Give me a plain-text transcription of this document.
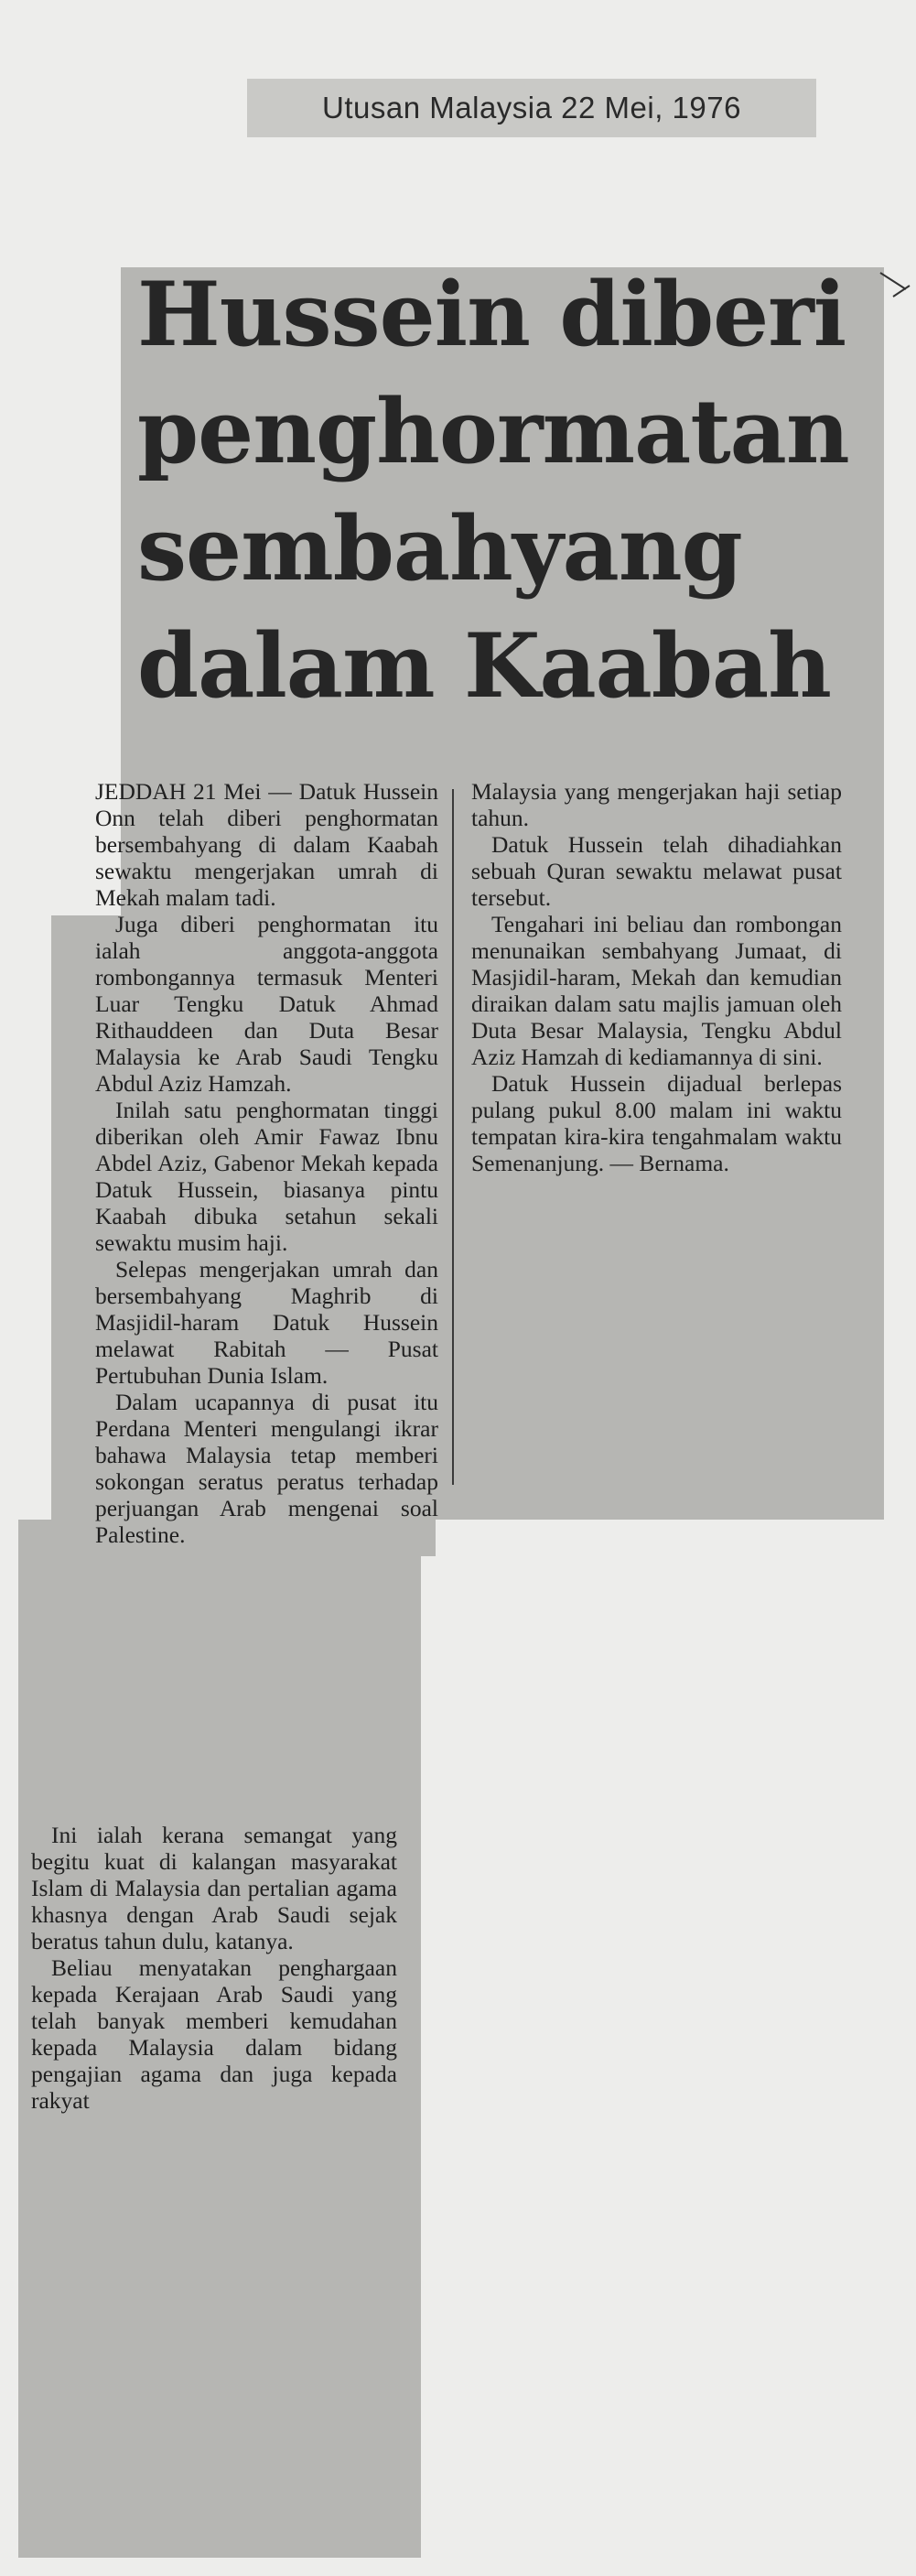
Utusan Malaysia 22 Mei, 1976
Hussein diberi
penghormatan
sembahyang
dalam Kaabah

JEDDAH 21 Mei — Datuk Hussein Onn telah diberi penghormatan bersembahyang di dalam Kaabah sewaktu mengerjakan umrah di Mekah malam tadi.

Juga diberi penghormatan itu ialah anggota-anggota rombongannya termasuk Menteri Luar Tengku Datuk Ahmad Rithauddeen dan Duta Besar Malaysia ke Arab Saudi Tengku Abdul Aziz Hamzah.

Inilah satu penghormatan tinggi diberikan oleh Amir Fawaz Ibnu Abdel Aziz, Gabenor Mekah kepada Datuk Hussein, biasanya pintu Kaabah dibuka setahun sekali sewaktu musim haji.

Selepas mengerjakan umrah dan bersembahyang Maghrib di Masjidil-haram Datuk Hussein melawat Rabitah — Pusat Pertubuhan Dunia Islam.

Dalam ucapannya di pusat itu Perdana Menteri mengulangi ikrar bahawa Malaysia tetap memberi sokongan seratus peratus terhadap perjuangan Arab mengenai soal Palestine.

Ini ialah kerana semangat yang begitu kuat di kalangan masyarakat Islam di Malaysia dan pertalian agama khasnya dengan Arab Saudi sejak beratus tahun dulu, katanya.

Beliau menyatakan penghargaan kepada Kerajaan Arab Saudi yang telah banyak memberi kemudahan kepada Malaysia dalam bidang pengajian agama dan juga kepada rakyat

Malaysia yang mengerjakan haji setiap tahun.

Datuk Hussein telah dihadiahkan sebuah Quran sewaktu melawat pusat tersebut.

Tengahari ini beliau dan rombongan menunaikan sembahyang Jumaat, di Masjidil-haram, Mekah dan kemudian diraikan dalam satu majlis jamuan oleh Duta Besar Malaysia, Tengku Abdul Aziz Hamzah di kediamannya di sini.

Datuk Hussein dijadual berlepas pulang pukul 8.00 malam ini waktu tempatan kira-kira tengahmalam waktu Semenanjung. — Bernama.
